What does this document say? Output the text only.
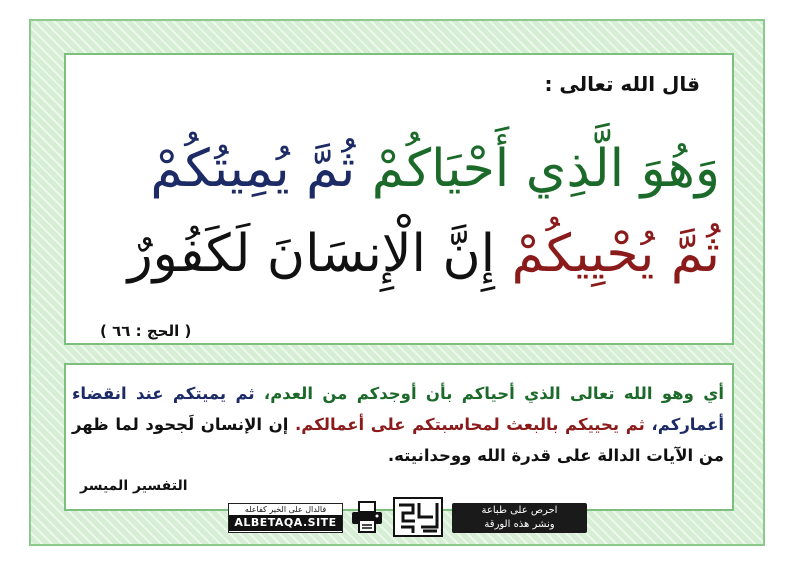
قال الله تعالى :
وَهُوَ الَّذِي أَحْيَاكُمْ ثُمَّ يُمِيتُكُمْ
ثُمَّ يُحْيِيكُمْ إِنَّ الْإِنسَانَ لَكَفُورٌ
( الحج : ٦٦ )
أي وهو الله تعالى الذي أحياكم بأن أوجدكم من العدم، ثم يميتكم عند انقضاء أعماركم، ثم يحييكم بالبعث لمحاسبتكم على أعمالكم. إن الإنسان لَجحود لما ظهر من الآيات الدالة على قدرة الله ووحدانيته.
التفسير الميسر
فالدال على الخير كفاعله
ALBETAQA.SITE
احرص على طباعة
ونشر هذه الورقة
